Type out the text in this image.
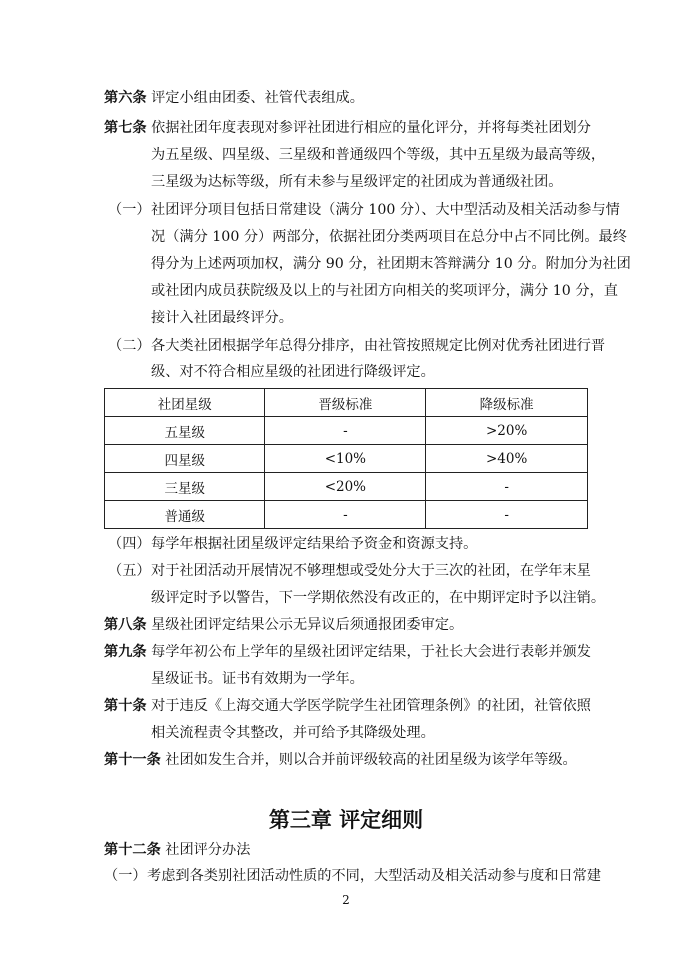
第六条 评定小组由团委、社管代表组成。
第七条 依据社团年度表现对参评社团进行相应的量化评分，并将每类社团划分
为五星级、四星级、三星级和普通级四个等级，其中五星级为最高等级，
三星级为达标等级，所有未参与星级评定的社团成为普通级社团。
（一） 社团评分项目包括日常建设（满分 100 分）、大中型活动及相关活动参与情
况（满分 100 分）两部分，依据社团分类两项目在总分中占不同比例。最终
得分为上述两项加权，满分 90 分，社团期末答辩满分 10 分。附加分为社团
或社团内成员获院级及以上的与社团方向相关的奖项评分，满分 10 分，直
接计入社团最终评分。
（二） 各大类社团根据学年总得分排序，由社管按照规定比例对优秀社团进行晋
级、对不符合相应星级的社团进行降级评定。
社团星级	晋级标准	降级标准
五星级	-	>20%
四星级	<10%	>40%
三星级	<20%	-
普通级	-	-
（四） 每学年根据社团星级评定结果给予资金和资源支持。
（五） 对于社团活动开展情况不够理想或受处分大于三次的社团，在学年末星
级评定时予以警告，下一学期依然没有改正的，在中期评定时予以注销。
第八条 星级社团评定结果公示无异议后须通报团委审定。
第九条 每学年初公布上学年的星级社团评定结果，于社长大会进行表彰并颁发
星级证书。证书有效期为一学年。
第十条 对于违反《上海交通大学医学院学生社团管理条例》的社团，社管依照
相关流程责令其整改，并可给予其降级处理。
第十一条 社团如发生合并，则以合并前评级较高的社团星级为该学年等级。
第三章 评定细则
第十二条 社团评分办法
（一） 考虑到各类别社团活动性质的不同，大型活动及相关活动参与度和日常建
2
